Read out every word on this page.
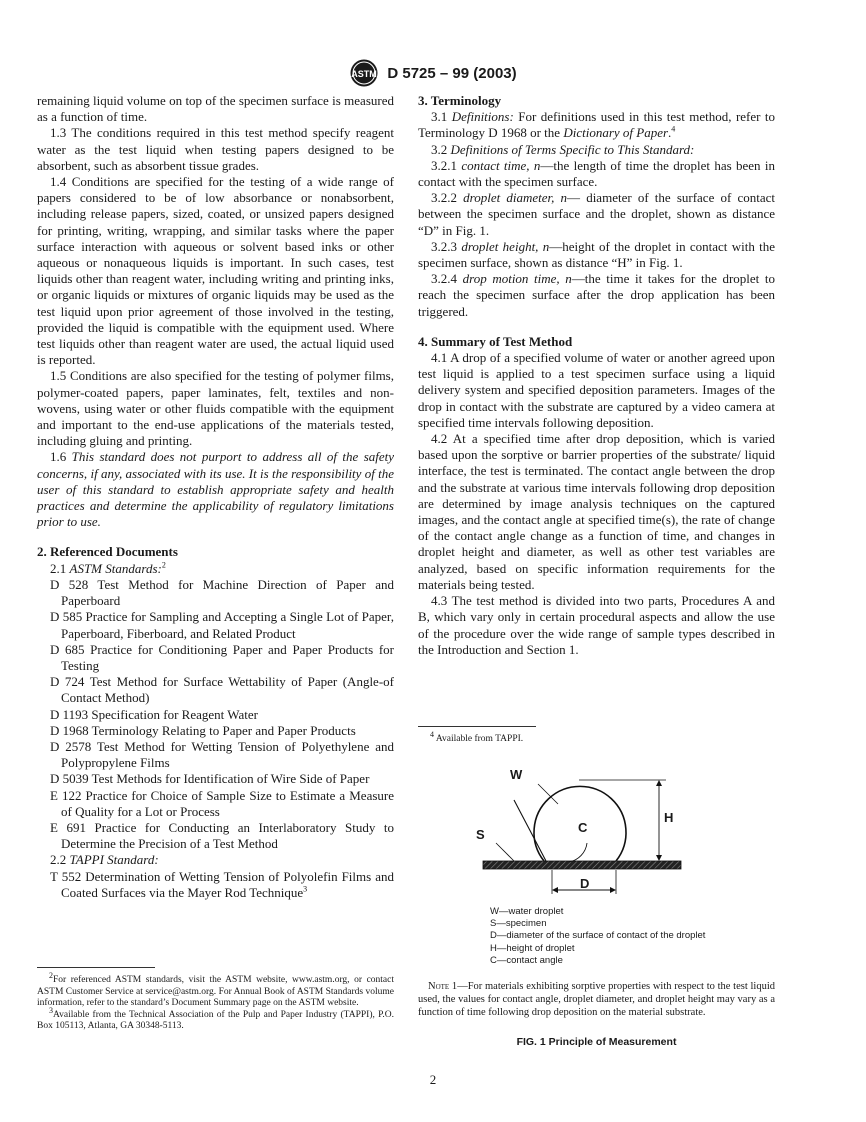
ASTM D 5725 – 99 (2003)

remaining liquid volume on top of the specimen surface is measured as a function of time.

1.3 The conditions required in this test method specify reagent water as the test liquid when testing papers designed to be absorbent, such as absorbent tissue grades.

1.4 Conditions are specified for the testing of a wide range of papers considered to be of low absorbance or nonabsorbent, including release papers, sized, coated, or unsized papers designed for printing, writing, wrapping, and similar tasks where the paper surface interaction with aqueous or solvent based inks or other aqueous or nonaqueous liquids is important. In such cases, test liquids other than reagent water, including writing and printing inks, or organic liquids or mixtures of organic liquids may be used as the test liquid upon prior agreement of those involved in the testing, provided the liquid is compatible with the equipment used. Where test liquids other than reagent water are used, the actual liquid used is reported.

1.5 Conditions are also specified for the testing of polymer films, polymer-coated papers, paper laminates, felt, textiles and non-wovens, using water or other fluids compatible with the equipment and important to the end-use applications of the materials tested, including gluing and printing.

1.6 This standard does not purport to address all of the safety concerns, if any, associated with its use. It is the responsibility of the user of this standard to establish appropriate safety and health practices and determine the applicability of regulatory limitations prior to use.

2. Referenced Documents

2.1 ASTM Standards:$^2$

D 528 Test Method for Machine Direction of Paper and Paperboard

D 585 Practice for Sampling and Accepting a Single Lot of Paper, Paperboard, Fiberboard, and Related Product

D 685 Practice for Conditioning Paper and Paper Products for Testing

D 724 Test Method for Surface Wettability of Paper (Angle-of Contact Method)

D 1193 Specification for Reagent Water

D 1968 Terminology Relating to Paper and Paper Products

D 2578 Test Method for Wetting Tension of Polyethylene and Polypropylene Films

D 5039 Test Methods for Identification of Wire Side of Paper

E 122 Practice for Choice of Sample Size to Estimate a Measure of Quality for a Lot or Process

E 691 Practice for Conducting an Interlaboratory Study to Determine the Precision of a Test Method

2.2 TAPPI Standard:

T 552 Determination of Wetting Tension of Polyolefin Films and Coated Surfaces via the Mayer Rod Technique$^3$

3. Terminology

3.1 Definitions: For definitions used in this test method, refer to Terminology D 1968 or the Dictionary of Paper.$^4$

3.2 Definitions of Terms Specific to This Standard:

3.2.1 contact time, n—the length of time the droplet has been in contact with the specimen surface.

3.2.2 droplet diameter, n— diameter of the surface of contact between the specimen surface and the droplet, shown as distance “D” in Fig. 1.

3.2.3 droplet height, n—height of the droplet in contact with the specimen surface, shown as distance “H” in Fig. 1.

3.2.4 drop motion time, n—the time it takes for the droplet to reach the specimen surface after the drop application has been triggered.

4. Summary of Test Method

4.1 A drop of a specified volume of water or another agreed upon test liquid is applied to a test specimen surface using a liquid delivery system and specified deposition parameters. Images of the drop in contact with the substrate are captured by a video camera at specified time intervals following deposition.

4.2 At a specified time after drop deposition, which is varied based upon the sorptive or barrier properties of the substrate/ liquid interface, the test is terminated. The contact angle between the drop and the substrate at various time intervals following drop deposition are determined by image analysis techniques on the captured images, and the contact angle at specified time(s), the rate of change of the contact angle change as a function of time, and changes in droplet height and diameter, as well as other test variables are analyzed, based on specific information requirements for the materials being tested.

4.3 The test method is divided into two parts, Procedures A and B, which vary only in certain procedural aspects and allow the use of the procedure over the wide range of sample types described in the Introduction and Section 1.

$^4$ Available from TAPPI.

W
H
S	C
D
W—water droplet
S—specimen
D—diameter of the surface of contact of the droplet
H—height of droplet
C—contact angle
Note 1—For materials exhibiting sorptive properties with respect to the test liquid used, the values for contact angle, droplet diameter, and droplet height may vary as a function of time following drop deposition on the material substrate.
FIG. 1 Principle of Measurement

$^2$For referenced ASTM standards, visit the ASTM website, www.astm.org, or contact ASTM Customer Service at service@astm.org. For Annual Book of ASTM Standards volume information, refer to the standard’s Document Summary page on the ASTM website.

$^3$Available from the Technical Association of the Pulp and Paper Industry (TAPPI), P.O. Box 105113, Atlanta, GA 30348-5113.

2
